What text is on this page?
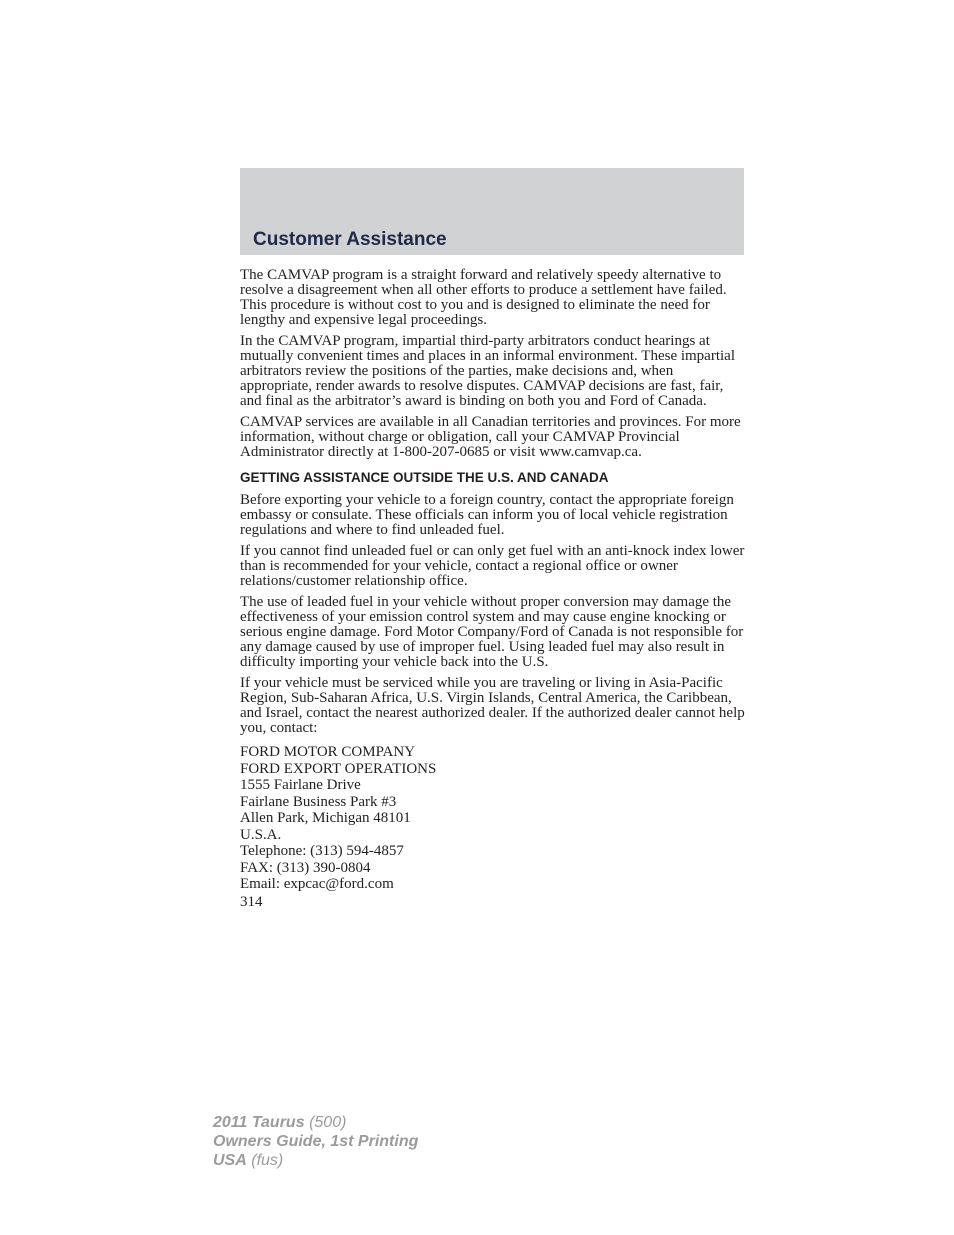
Customer Assistance

The CAMVAP program is a straight forward and relatively speedy alternative to resolve a disagreement when all other efforts to produce a settlement have failed. This procedure is without cost to you and is designed to eliminate the need for lengthy and expensive legal proceedings.

In the CAMVAP program, impartial third-party arbitrators conduct hearings at mutually convenient times and places in an informal environment. These impartial arbitrators review the positions of the parties, make decisions and, when appropriate, render awards to resolve disputes. CAMVAP decisions are fast, fair, and final as the arbitrator’s award is binding on both you and Ford of Canada.

CAMVAP services are available in all Canadian territories and provinces. For more information, without charge or obligation, call your CAMVAP Provincial Administrator directly at 1-800-207-0685 or visit www.camvap.ca.

GETTING ASSISTANCE OUTSIDE THE U.S. AND CANADA

Before exporting your vehicle to a foreign country, contact the appropriate foreign embassy or consulate. These officials can inform you of local vehicle registration regulations and where to find unleaded fuel.

If you cannot find unleaded fuel or can only get fuel with an anti-knock index lower than is recommended for your vehicle, contact a regional office or owner relations/customer relationship office.

The use of leaded fuel in your vehicle without proper conversion may damage the effectiveness of your emission control system and may cause engine knocking or serious engine damage. Ford Motor Company/Ford of Canada is not responsible for any damage caused by use of improper fuel. Using leaded fuel may also result in difficulty importing your vehicle back into the U.S.

If your vehicle must be serviced while you are traveling or living in Asia-Pacific Region, Sub-Saharan Africa, U.S. Virgin Islands, Central America, the Caribbean, and Israel, contact the nearest authorized dealer. If the authorized dealer cannot help you, contact:

FORD MOTOR COMPANY
FORD EXPORT OPERATIONS
1555 Fairlane Drive
Fairlane Business Park #3
Allen Park, Michigan 48101
U.S.A.
Telephone: (313) 594-4857
FAX: (313) 390-0804
Email: expcac@ford.com
314
2011 Taurus (500)
Owners Guide, 1st Printing
USA (fus)
